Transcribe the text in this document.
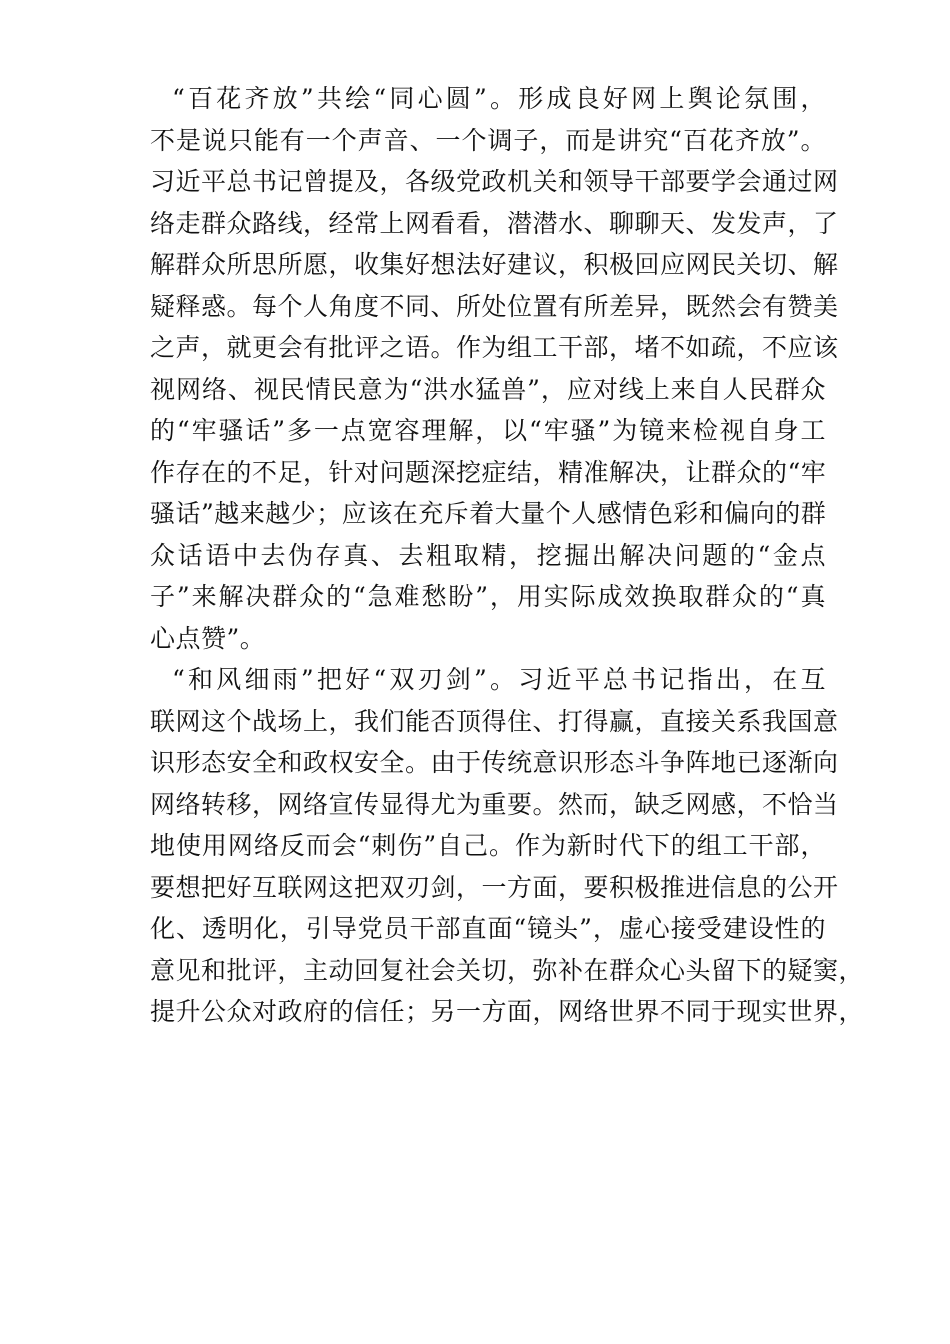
“百花齐放”共绘“同心圆”。形成良好网上舆论氛围，
不是说只能有一个声音、一个调子，而是讲究“百花齐放”。
习近平总书记曾提及，各级党政机关和领导干部要学会通过网
络走群众路线，经常上网看看，潜潜水、聊聊天、发发声，了
解群众所思所愿，收集好想法好建议，积极回应网民关切、解
疑释惑。每个人角度不同、所处位置有所差异，既然会有赞美
之声，就更会有批评之语。作为组工干部，堵不如疏，不应该
视网络、视民情民意为“洪水猛兽”，应对线上来自人民群众
的“牢骚话”多一点宽容理解，以“牢骚”为镜来检视自身工
作存在的不足，针对问题深挖症结，精准解决，让群众的“牢
骚话”越来越少；应该在充斥着大量个人感情色彩和偏向的群
众话语中去伪存真、去粗取精，挖掘出解决问题的“金点
子”来解决群众的“急难愁盼”，用实际成效换取群众的“真
心点赞”。
“和风细雨”把好“双刃剑”。习近平总书记指出，在互
联网这个战场上，我们能否顶得住、打得赢，直接关系我国意
识形态安全和政权安全。由于传统意识形态斗争阵地已逐渐向
网络转移，网络宣传显得尤为重要。然而，缺乏网感，不恰当
地使用网络反而会“刺伤”自己。作为新时代下的组工干部，
要想把好互联网这把双刃剑，一方面，要积极推进信息的公开
化、透明化，引导党员干部直面“镜头”，虚心接受建设性的
意见和批评，主动回复社会关切，弥补在群众心头留下的疑窦，
提升公众对政府的信任；另一方面，网络世界不同于现实世界，
